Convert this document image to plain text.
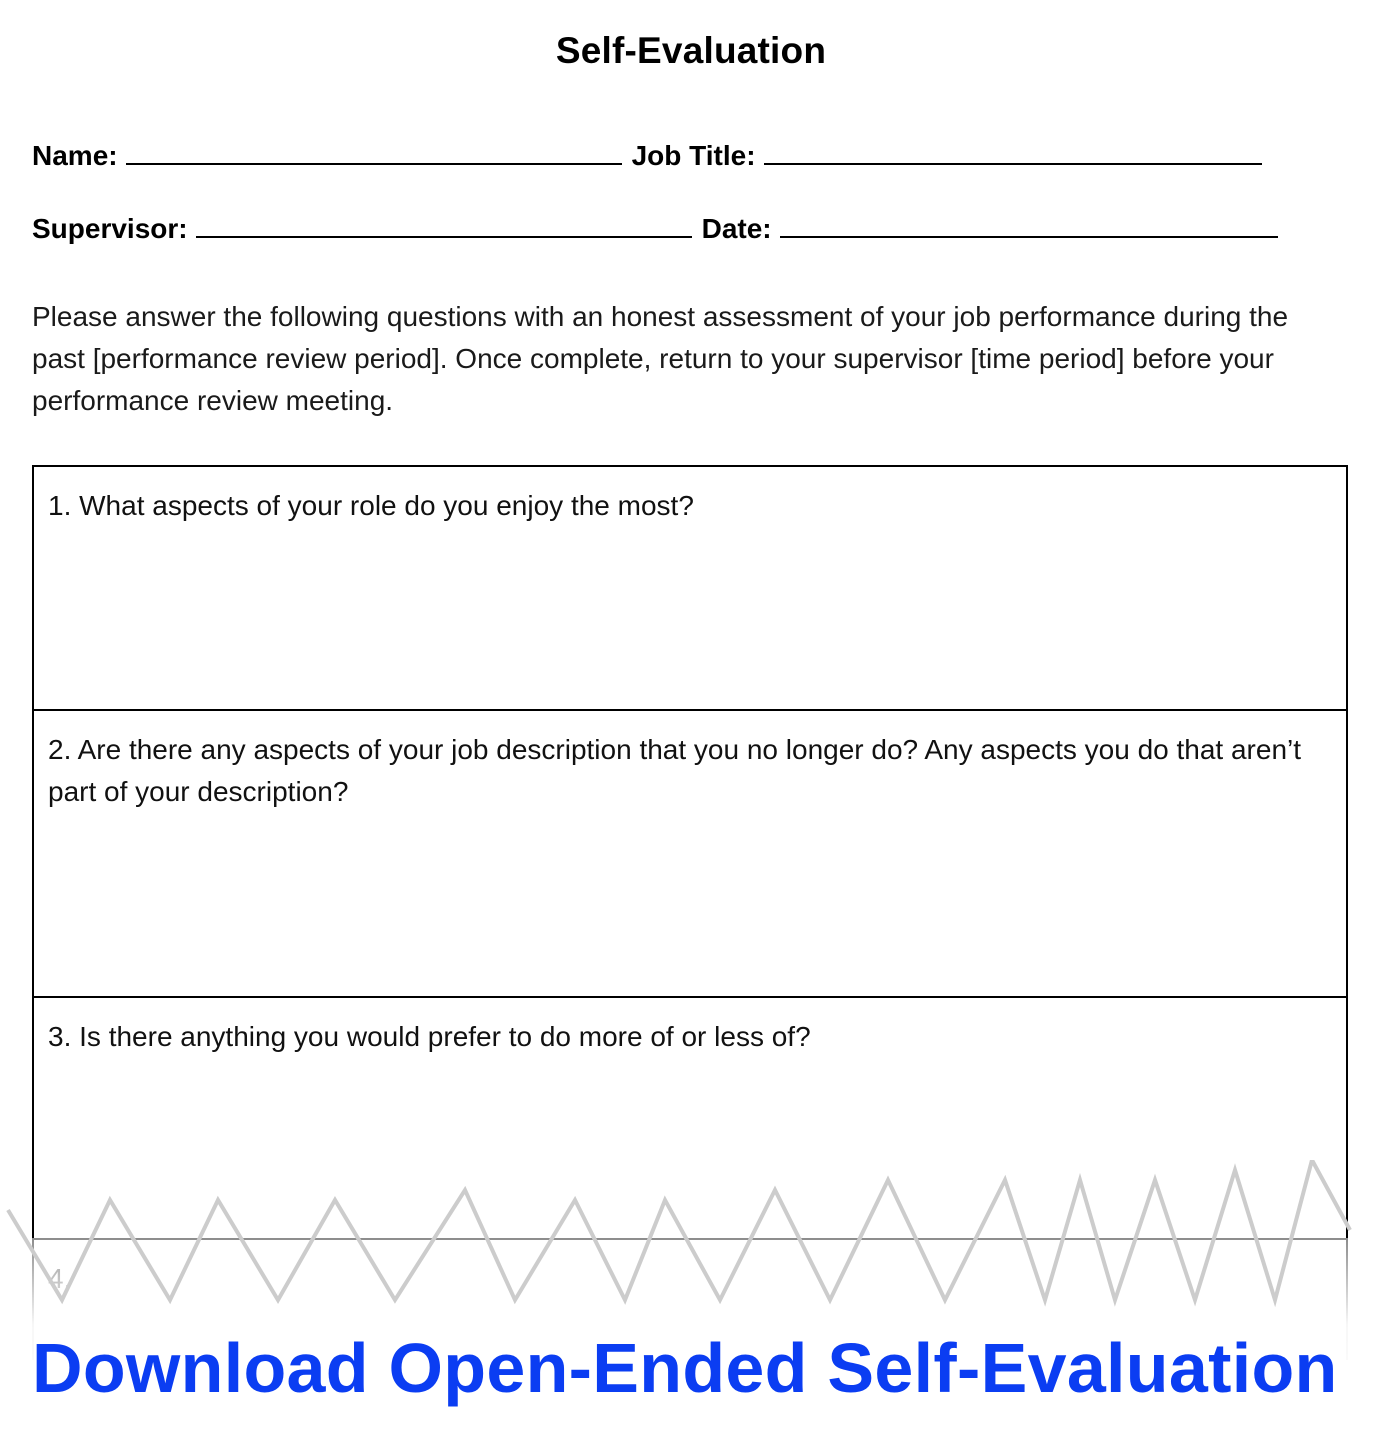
Self-Evaluation
Name:	Job Title:
Supervisor:	Date:
Please answer the following questions with an honest assessment of your job performance during the past [performance review period]. Once complete, return to your supervisor [time period] before your performance review meeting.
1. What aspects of your role do you enjoy the most?
2. Are there any aspects of your job description that you no longer do? Any aspects you do that aren’t part of your description?
3. Is there anything you would prefer to do more of or less of?
Download Open-Ended Self-Evaluation
